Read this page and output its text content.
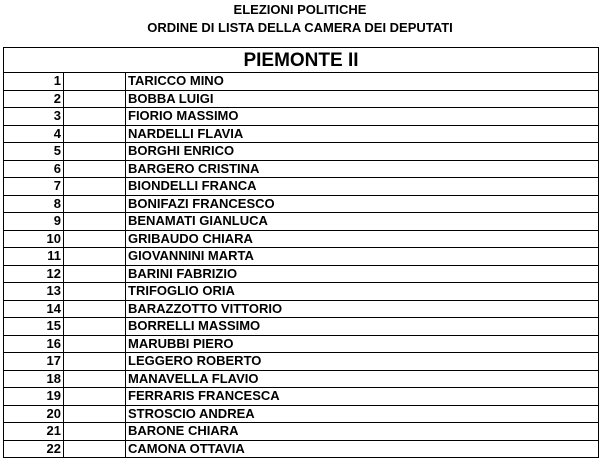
ELEZIONI POLITICHE
ORDINE DI LISTA DELLA CAMERA DEI DEPUTATI
PIEMONTE II
1		TARICCO MINO
2		BOBBA LUIGI
3		FIORIO MASSIMO
4		NARDELLI FLAVIA
5		BORGHI ENRICO
6		BARGERO CRISTINA
7		BIONDELLI FRANCA
8		BONIFAZI FRANCESCO
9		BENAMATI GIANLUCA
10		GRIBAUDO CHIARA
11		GIOVANNINI MARTA
12		BARINI FABRIZIO
13		TRIFOGLIO ORIA
14		BARAZZOTTO VITTORIO
15		BORRELLI MASSIMO
16		MARUBBI PIERO
17		LEGGERO ROBERTO
18		MANAVELLA FLAVIO
19		FERRARIS FRANCESCA
20		STROSCIO ANDREA
21		BARONE CHIARA
22		CAMONA OTTAVIA
